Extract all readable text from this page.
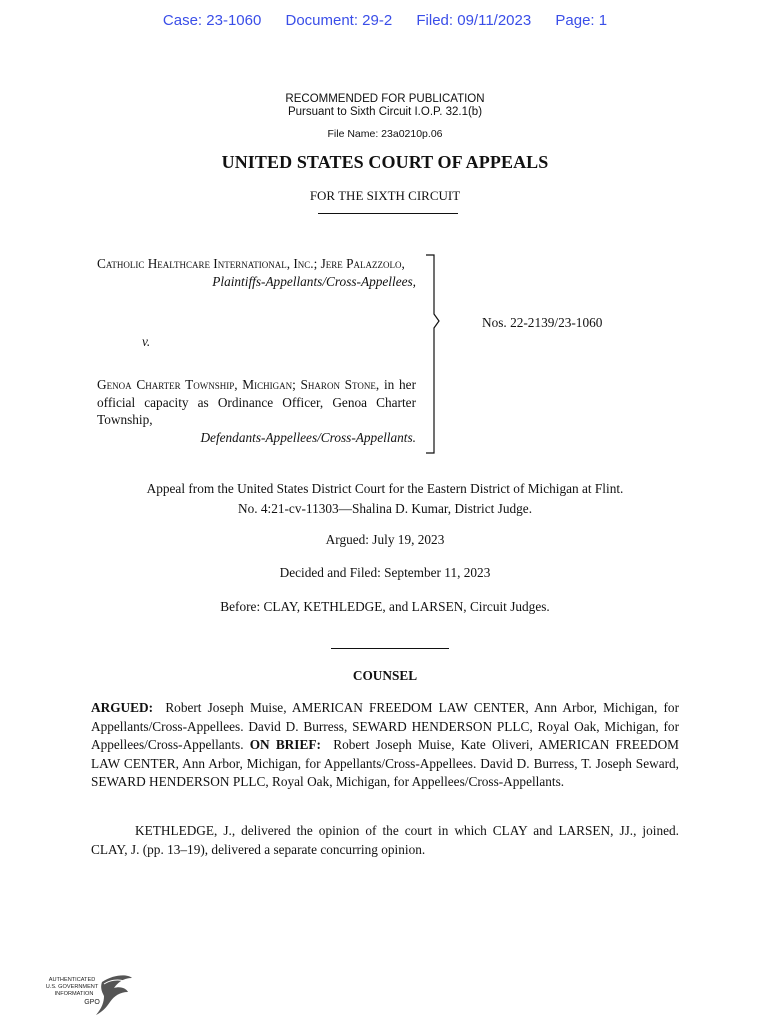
Case: 23-1060 Document: 29-2 Filed: 09/11/2023 Page: 1
RECOMMENDED FOR PUBLICATION
Pursuant to Sixth Circuit I.O.P. 32.1(b)
File Name: 23a0210p.06
UNITED STATES COURT OF APPEALS
FOR THE SIXTH CIRCUIT
Catholic Healthcare International, Inc.; Jere Palazzolo,
Plaintiffs-Appellants/Cross-Appellees,
v.
Genoa Charter Township, Michigan; Sharon Stone, in her official capacity as Ordinance Officer, Genoa Charter Township,
Defendants-Appellees/Cross-Appellants.
Nos. 22-2139/23-1060
Appeal from the United States District Court for the Eastern District of Michigan at Flint.
No. 4:21-cv-11303—Shalina D. Kumar, District Judge.
Argued: July 19, 2023
Decided and Filed: September 11, 2023
Before: CLAY, KETHLEDGE, and LARSEN, Circuit Judges.
COUNSEL
ARGUED: Robert Joseph Muise, AMERICAN FREEDOM LAW CENTER, Ann Arbor, Michigan, for Appellants/Cross-Appellees. David D. Burress, SEWARD HENDERSON PLLC, Royal Oak, Michigan, for Appellees/Cross-Appellants. ON BRIEF: Robert Joseph Muise, Kate Oliveri, AMERICAN FREEDOM LAW CENTER, Ann Arbor, Michigan, for Appellants/Cross-Appellees. David D. Burress, T. Joseph Seward, SEWARD HENDERSON PLLC, Royal Oak, Michigan, for Appellees/Cross-Appellants.
KETHLEDGE, J., delivered the opinion of the court in which CLAY and LARSEN, JJ., joined. CLAY, J. (pp. 13–19), delivered a separate concurring opinion.
AUTHENTICATED
U.S. GOVERNMENT
INFORMATION
GPO
